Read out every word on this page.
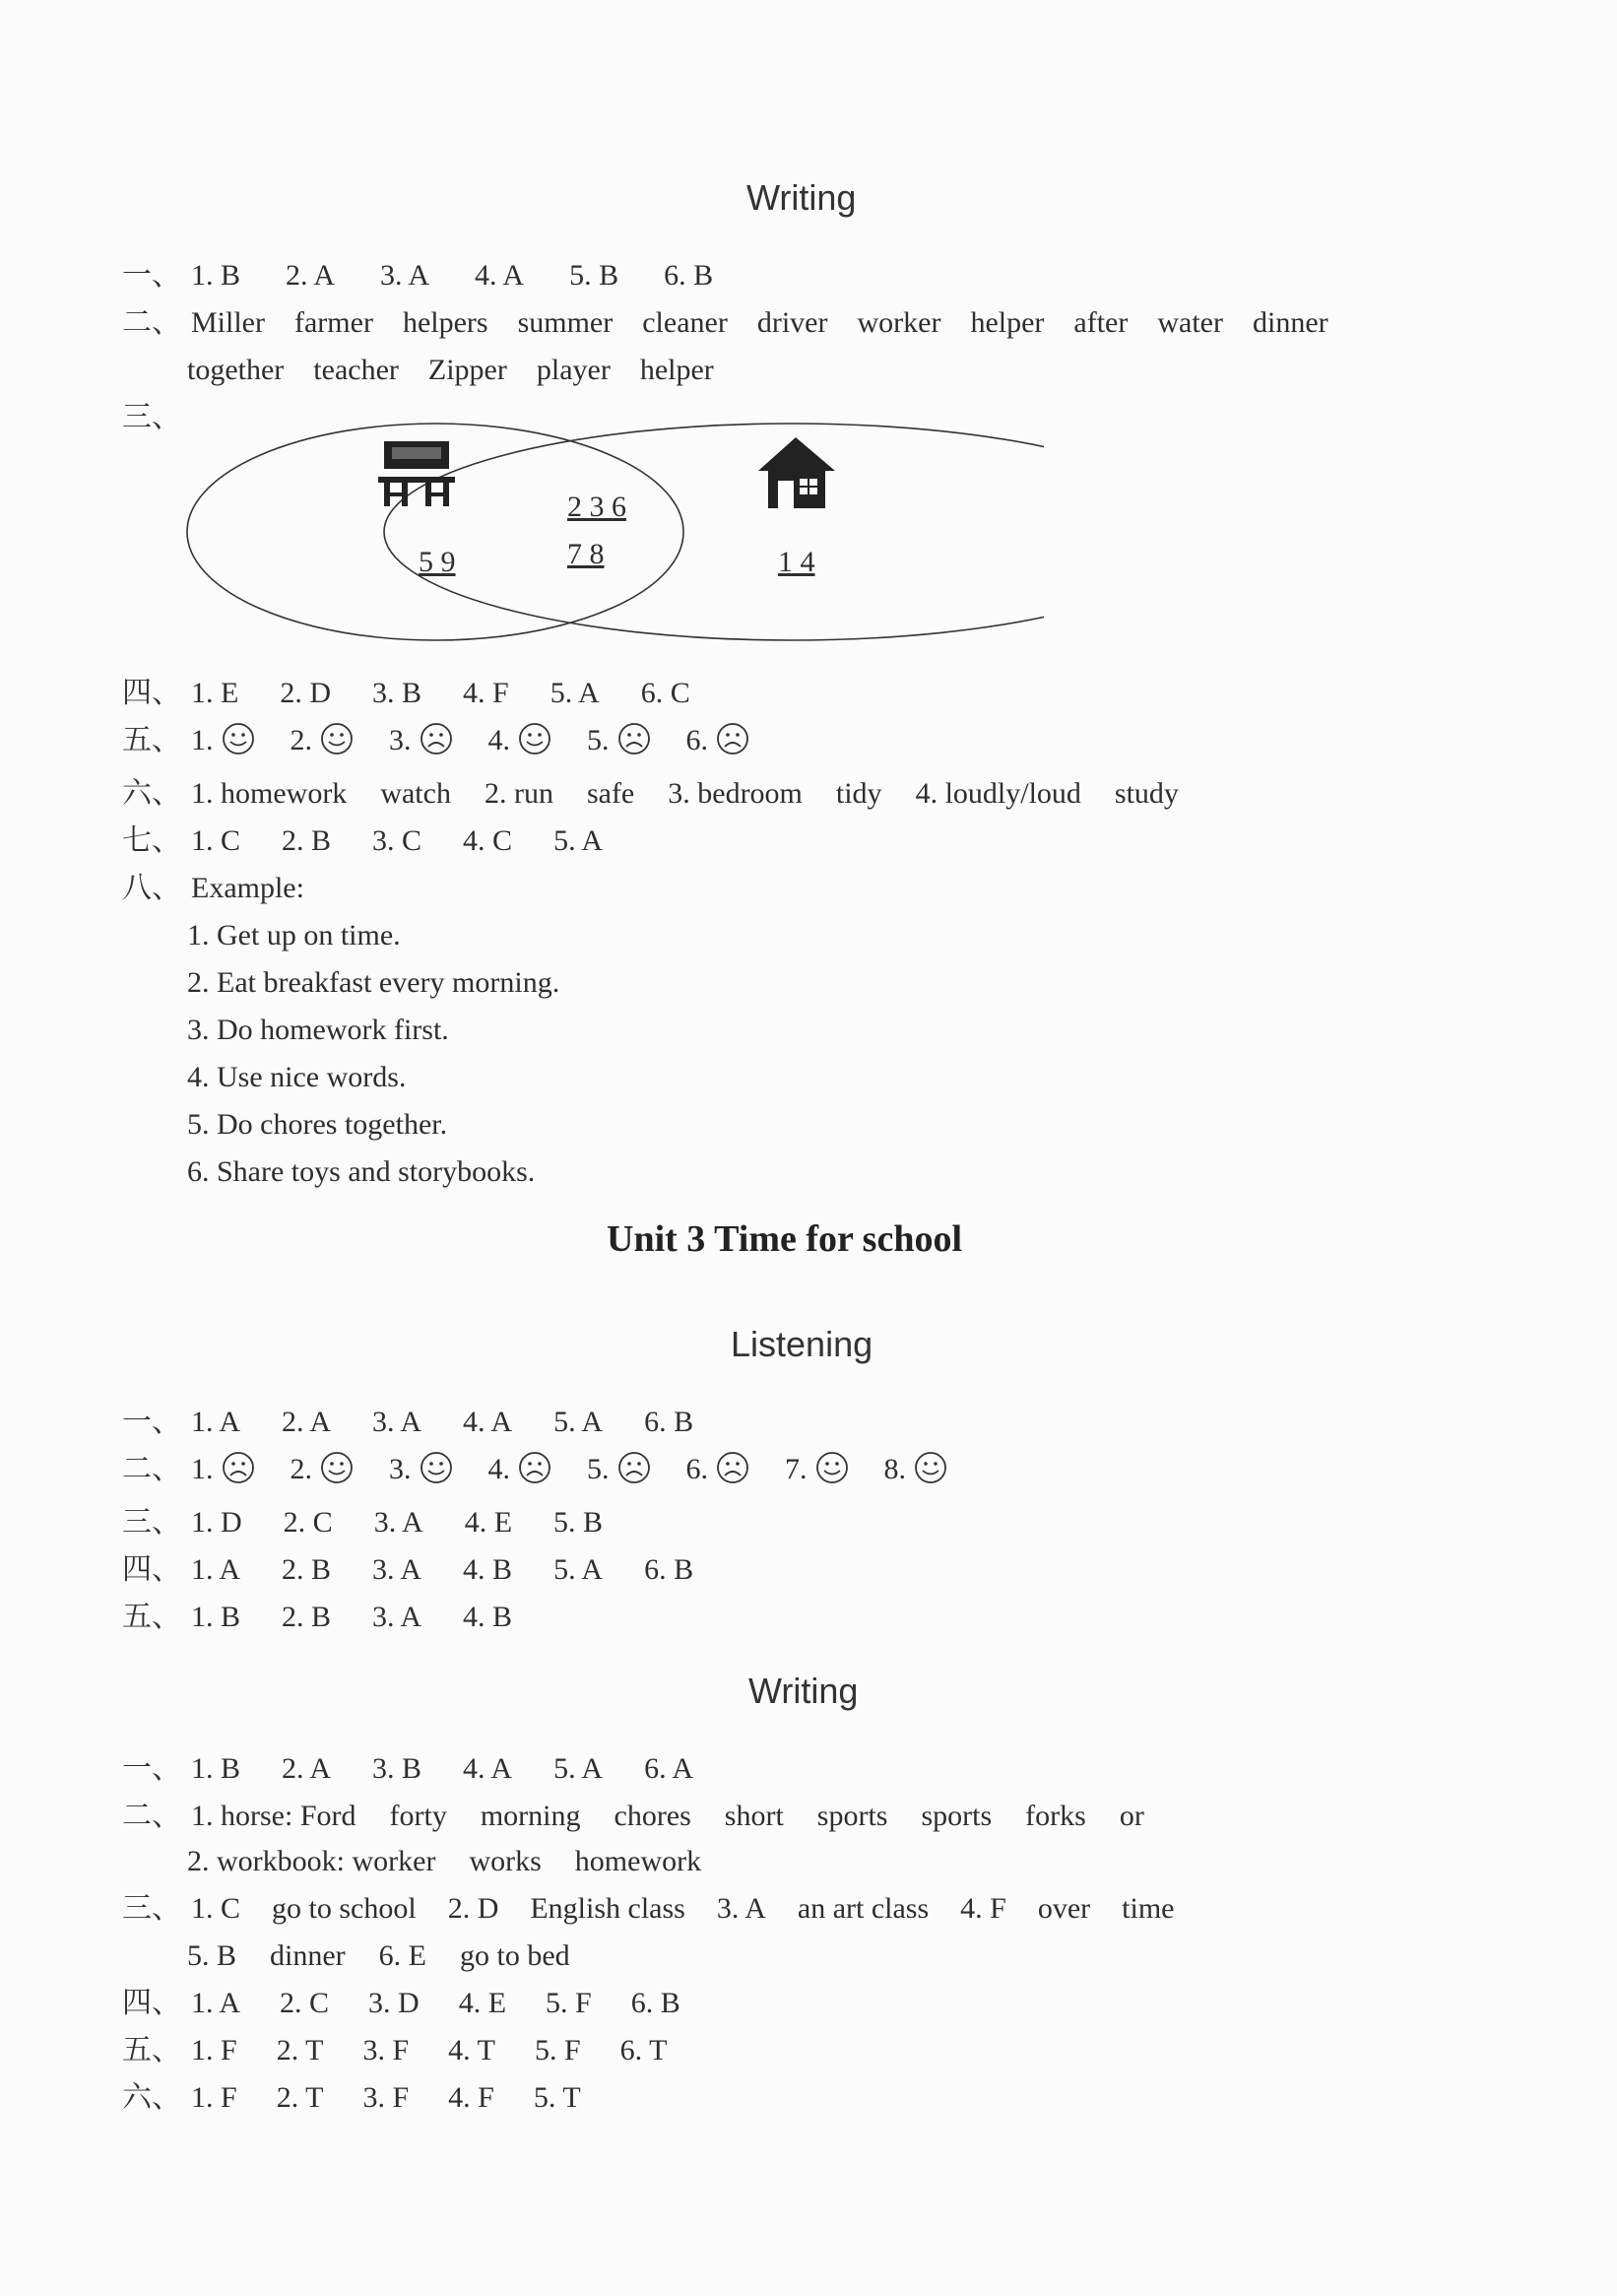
Writing
一、 1. B 2. A 3. A 4. A 5. B 6. B
二、 Miller farmer helpers summer cleaner driver worker helper after water dinner
together teacher Zipper player helper
三、
5 9
2 3 6
7 8	1 4
四、 1. E 2. D 3. B 4. F 5. A 6. C
五、 1.	2.	3.	4.	5.	6.
六、 1. homework watch 2. run safe 3. bedroom tidy 4. loudly/loud study
七、 1. C 2. B 3. C 4. C 5. A
八、 Example:
1. Get up on time.
2. Eat breakfast every morning.
3. Do homework first.
4. Use nice words.
5. Do chores together.
6. Share toys and storybooks.
Unit 3 Time for school
Listening
一、 1. A 2. A 3. A 4. A 5. A 6. B
二、 1.	2.	3.	4.	5.	6.	7.	8.
三、 1. D 2. C 3. A 4. E 5. B
四、 1. A 2. B 3. A 4. B 5. A 6. B
五、 1. B 2. B 3. A 4. B
Writing
一、 1. B 2. A 3. B 4. A 5. A 6. A
二、 1. horse: Ford forty morning chores short sports sports forks or
2. workbook: worker works homework
三、 1. C go to school 2. D English class 3. A an art class 4. F over time
5. B dinner 6. E go to bed
四、 1. A 2. C 3. D 4. E 5. F 6. B
五、 1. F 2. T 3. F 4. T 5. F 6. T
六、 1. F 2. T 3. F 4. F 5. T
